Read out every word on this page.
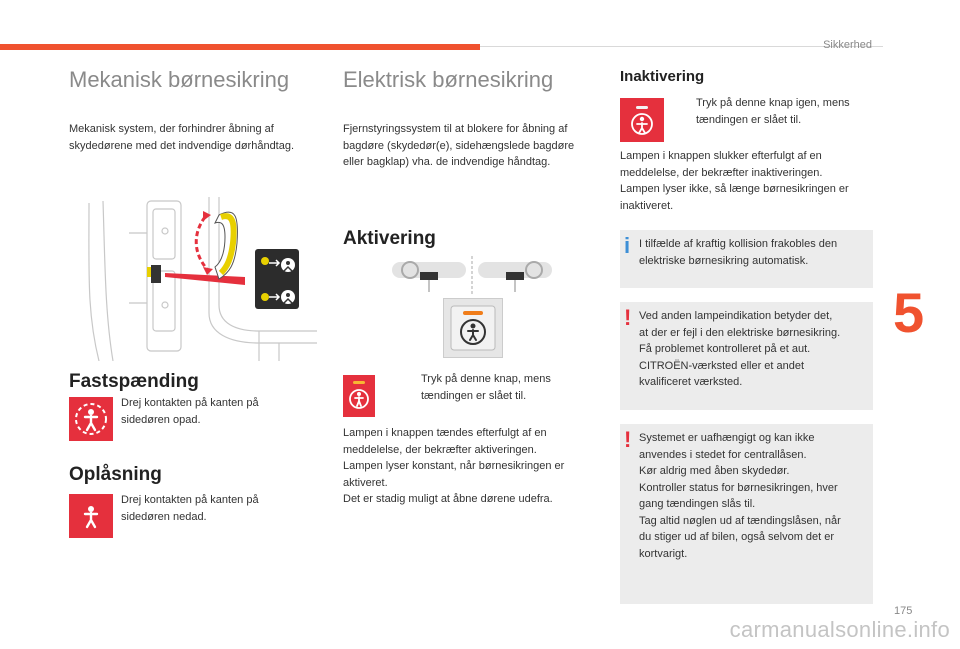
Sikkerhed
5
175
carmanualsonline.info
Mekanisk børnesikring

Mekanisk system, der forhindrer åbning af
skydedørene med det indvendige dørhåndtag.

Fastspænding

Drej kontakten på kanten på
sidedøren opad.

Oplåsning

Drej kontakten på kanten på
sidedøren nedad.

Elektrisk børnesikring

Fjernstyringssystem til at blokere for åbning af
bagdøre (skydedør(e), sidehængslede bagdøre
eller bagklap) vha. de indvendige håndtag.

Aktivering

Tryk på denne knap, mens
tændingen er slået til.

Lampen i knappen tændes efterfulgt af en
meddelelse, der bekræfter aktiveringen.
Lampen lyser konstant, når børnesikringen er
aktiveret.
Det er stadig muligt at åbne dørene udefra.

Inaktivering

Tryk på denne knap igen, mens
tændingen er slået til.

Lampen i knappen slukker efterfulgt af en
meddelelse, der bekræfter inaktiveringen.
Lampen lyser ikke, så længe børnesikringen er
inaktiveret.

i I tilfælde af kraftig kollision frakobles den
elektriske børnesikring automatisk.
! Ved anden lampeindikation betyder det,
at der er fejl i den elektriske børnesikring.
Få problemet kontrolleret på et aut.
CITROËN-værksted eller et andet
kvalificeret værksted.
! Systemet er uafhængigt og kan ikke
anvendes i stedet for centrallåsen.
Kør aldrig med åben skydedør.
Kontroller status for børnesikringen, hver
gang tændingen slås til.
Tag altid nøglen ud af tændingslåsen, når
du stiger ud af bilen, også selvom det er
kortvarigt.
